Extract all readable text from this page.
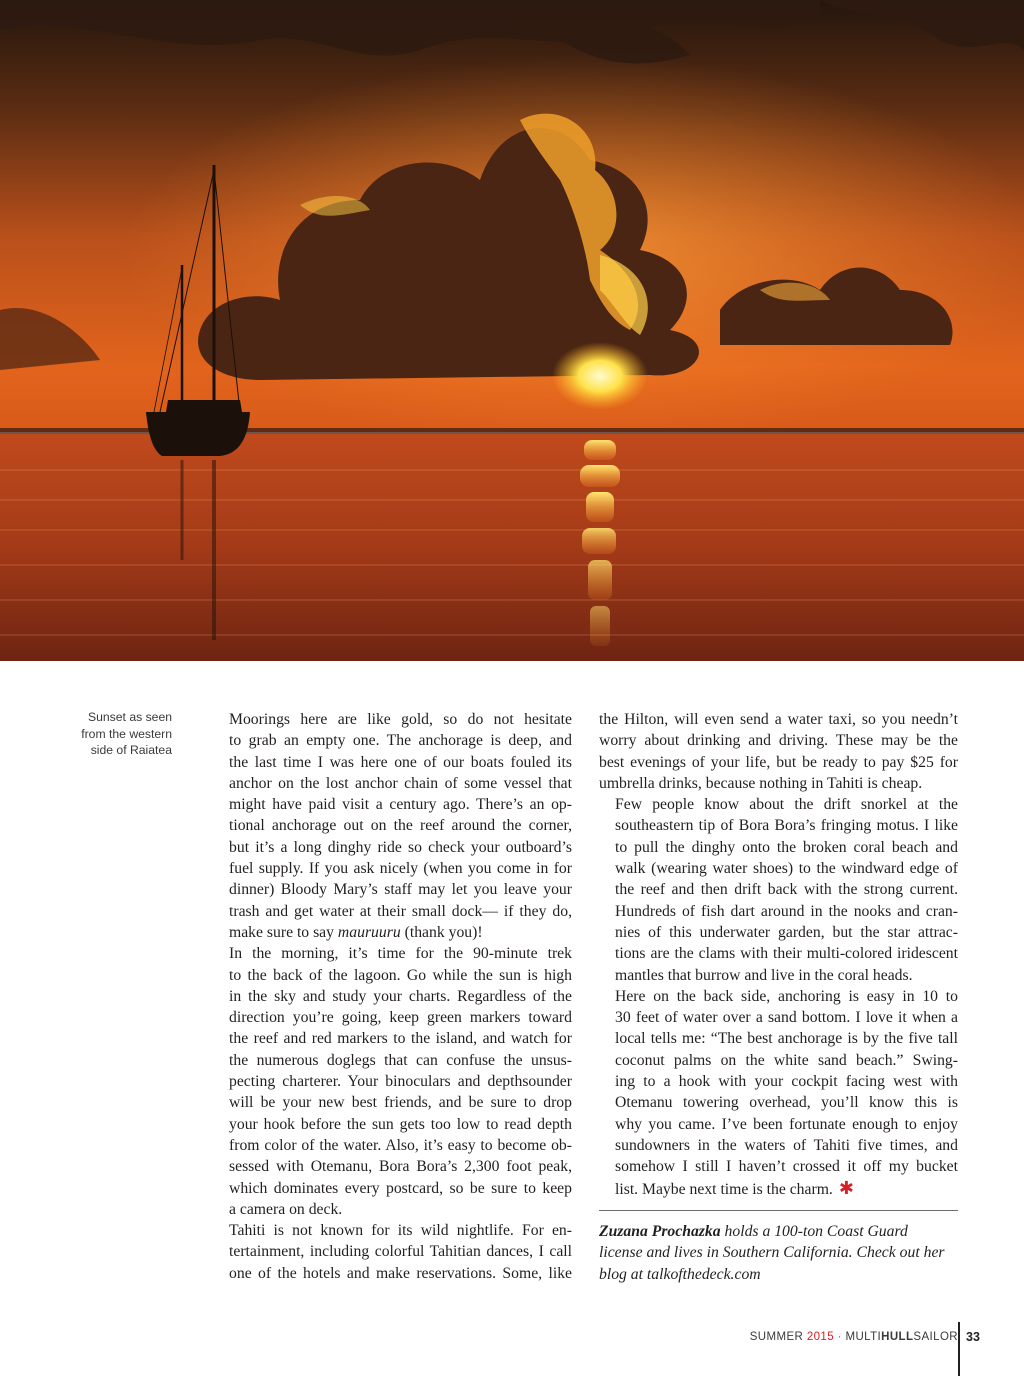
Sunset as seen
from the western
side of Raiatea

Moorings here are like gold, so do not hesitate
to grab an empty one. The anchorage is deep, and
the last time I was here one of our boats fouled its
anchor on the lost anchor chain of some vessel that
might have paid visit a century ago. There’s an op-
tional anchorage out on the reef around the corner,
but it’s a long dinghy ride so check your outboard’s
fuel supply. If you ask nicely (when you come in for
dinner) Bloody Mary’s staff may let you leave your
trash and get water at their small dock— if they do,
make sure to say mauruuru (thank you)!

In the morning, it’s time for the 90-minute trek
to the back of the lagoon. Go while the sun is high
in the sky and study your charts. Regardless of the
direction you’re going, keep green markers toward
the reef and red markers to the island, and watch for
the numerous doglegs that can confuse the unsus-
pecting charterer. Your binoculars and depthsounder
will be your new best friends, and be sure to drop
your hook before the sun gets too low to read depth
from color of the water. Also, it’s easy to become ob-
sessed with Otemanu, Bora Bora’s 2,300 foot peak,
which dominates every postcard, so be sure to keep
a camera on deck.

Tahiti is not known for its wild nightlife. For en-
tertainment, including colorful Tahitian dances, I call
one of the hotels and make reservations. Some, like

the Hilton, will even send a water taxi, so you needn’t
worry about drinking and driving. These may be the
best evenings of your life, but be ready to pay $25 for
umbrella drinks, because nothing in Tahiti is cheap.

Few people know about the drift snorkel at the
southeastern tip of Bora Bora’s fringing motus. I like
to pull the dinghy onto the broken coral beach and
walk (wearing water shoes) to the windward edge of
the reef and then drift back with the strong current.
Hundreds of fish dart around in the nooks and cran-
nies of this underwater garden, but the star attrac-
tions are the clams with their multi-colored iridescent
mantles that burrow and live in the coral heads.

Here on the back side, anchoring is easy in 10 to
30 feet of water over a sand bottom. I love it when a
local tells me: “The best anchorage is by the five tall
coconut palms on the white sand beach.” Swing-
ing to a hook with your cockpit facing west with
Otemanu towering overhead, you’ll know this is
why you came. I’ve been fortunate enough to enjoy
sundowners in the waters of Tahiti five times, and
somehow I still I haven’t crossed it off my bucket
list. Maybe next time is the charm. ✱

Zuzana Prochazka holds a 100-ton Coast Guard
license and lives in Southern California. Check out her
blog at talkofthedeck.com
SUMMER 2015 · MULTIHULLSAILOR 33
